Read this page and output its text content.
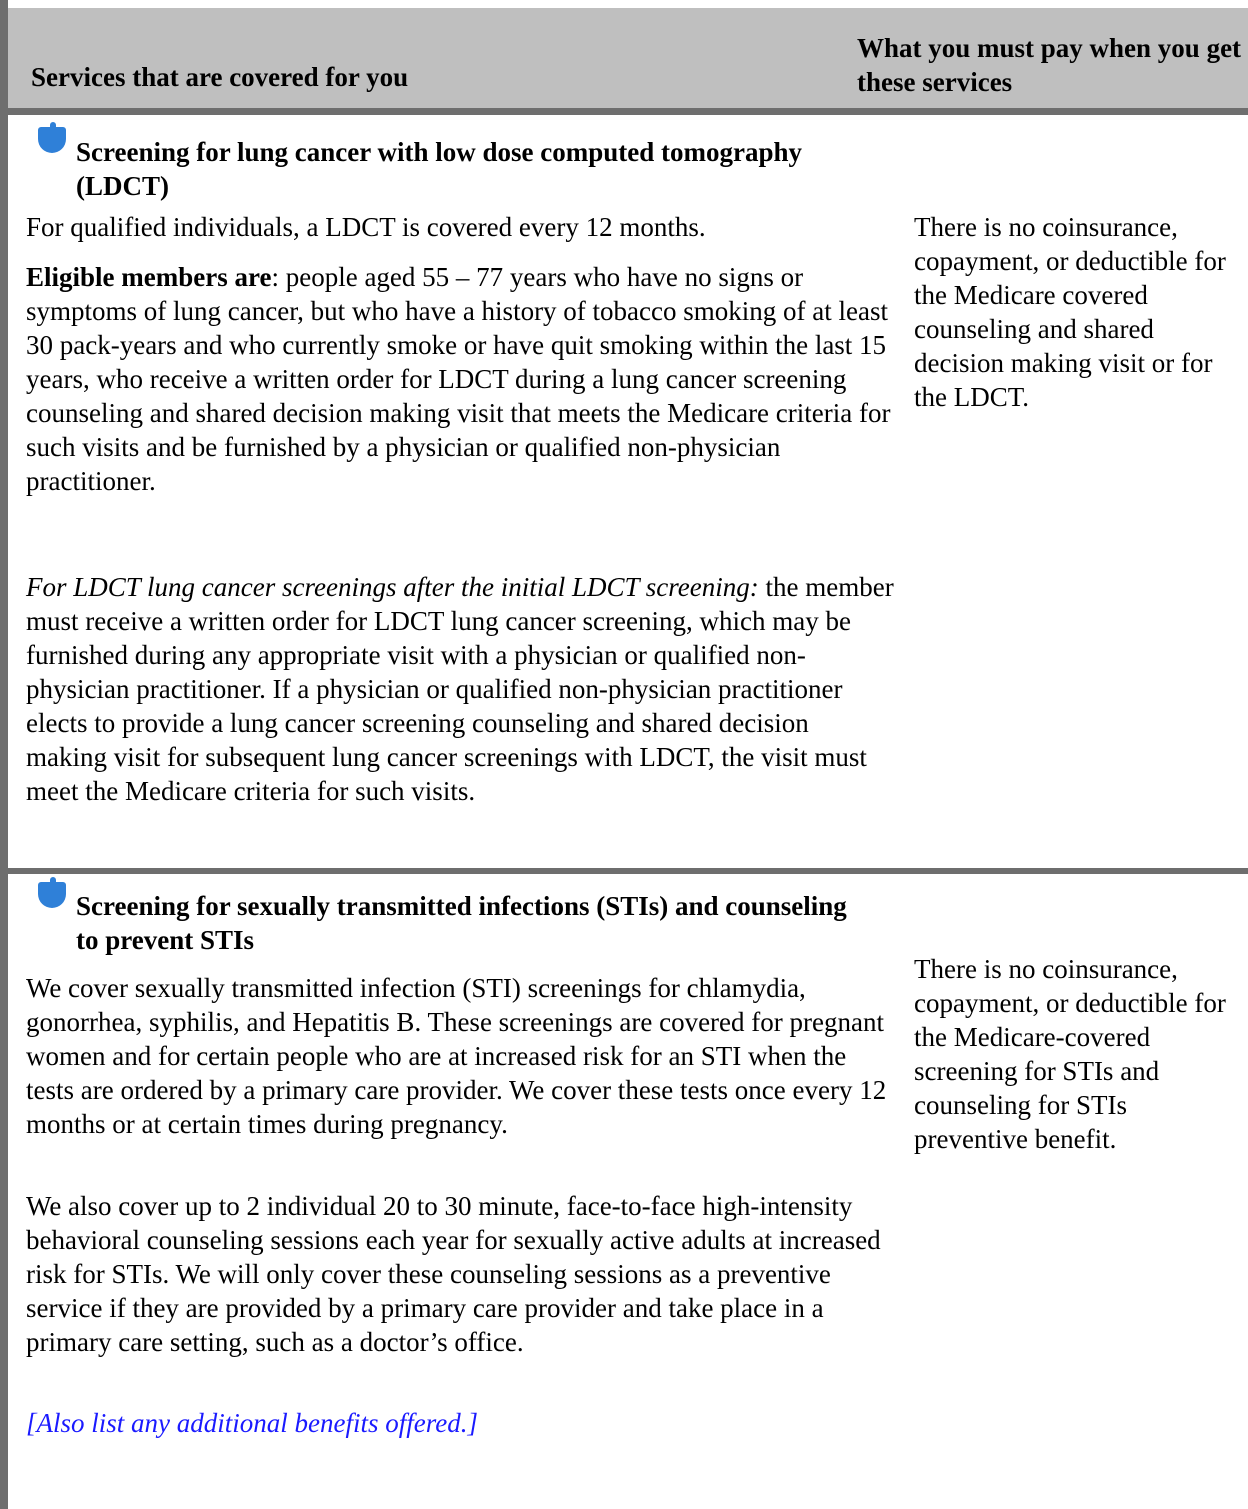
Services that are covered for you
What you must pay when you get these services
Screening for lung cancer with low dose computed tomography (LDCT)
For qualified individuals, a LDCT is covered every 12 months.
Eligible members are: people aged 55 – 77 years who have no signs or symptoms of lung cancer, but who have a history of tobacco smoking of at least 30 pack-years and who currently smoke or have quit smoking within the last 15 years, who receive a written order for LDCT during a lung cancer screening counseling and shared decision making visit that meets the Medicare criteria for such visits and be furnished by a physician or qualified non-physician practitioner.
For LDCT lung cancer screenings after the initial LDCT screening: the member must receive a written order for LDCT lung cancer screening, which may be furnished during any appropriate visit with a physician or qualified non-physician practitioner. If a physician or qualified non-physician practitioner elects to provide a lung cancer screening counseling and shared decision making visit for subsequent lung cancer screenings with LDCT, the visit must meet the Medicare criteria for such visits.
There is no coinsurance, copayment, or deductible for the Medicare covered counseling and shared decision making visit or for the LDCT.
Screening for sexually transmitted infections (STIs) and counseling to prevent STIs
We cover sexually transmitted infection (STI) screenings for chlamydia, gonorrhea, syphilis, and Hepatitis B. These screenings are covered for pregnant women and for certain people who are at increased risk for an STI when the tests are ordered by a primary care provider. We cover these tests once every 12 months or at certain times during pregnancy.
We also cover up to 2 individual 20 to 30 minute, face-to-face high-intensity behavioral counseling sessions each year for sexually active adults at increased risk for STIs. We will only cover these counseling sessions as a preventive service if they are provided by a primary care provider and take place in a primary care setting, such as a doctor’s office.
[Also list any additional benefits offered.]
There is no coinsurance, copayment, or deductible for the Medicare-covered screening for STIs and counseling for STIs preventive benefit.
